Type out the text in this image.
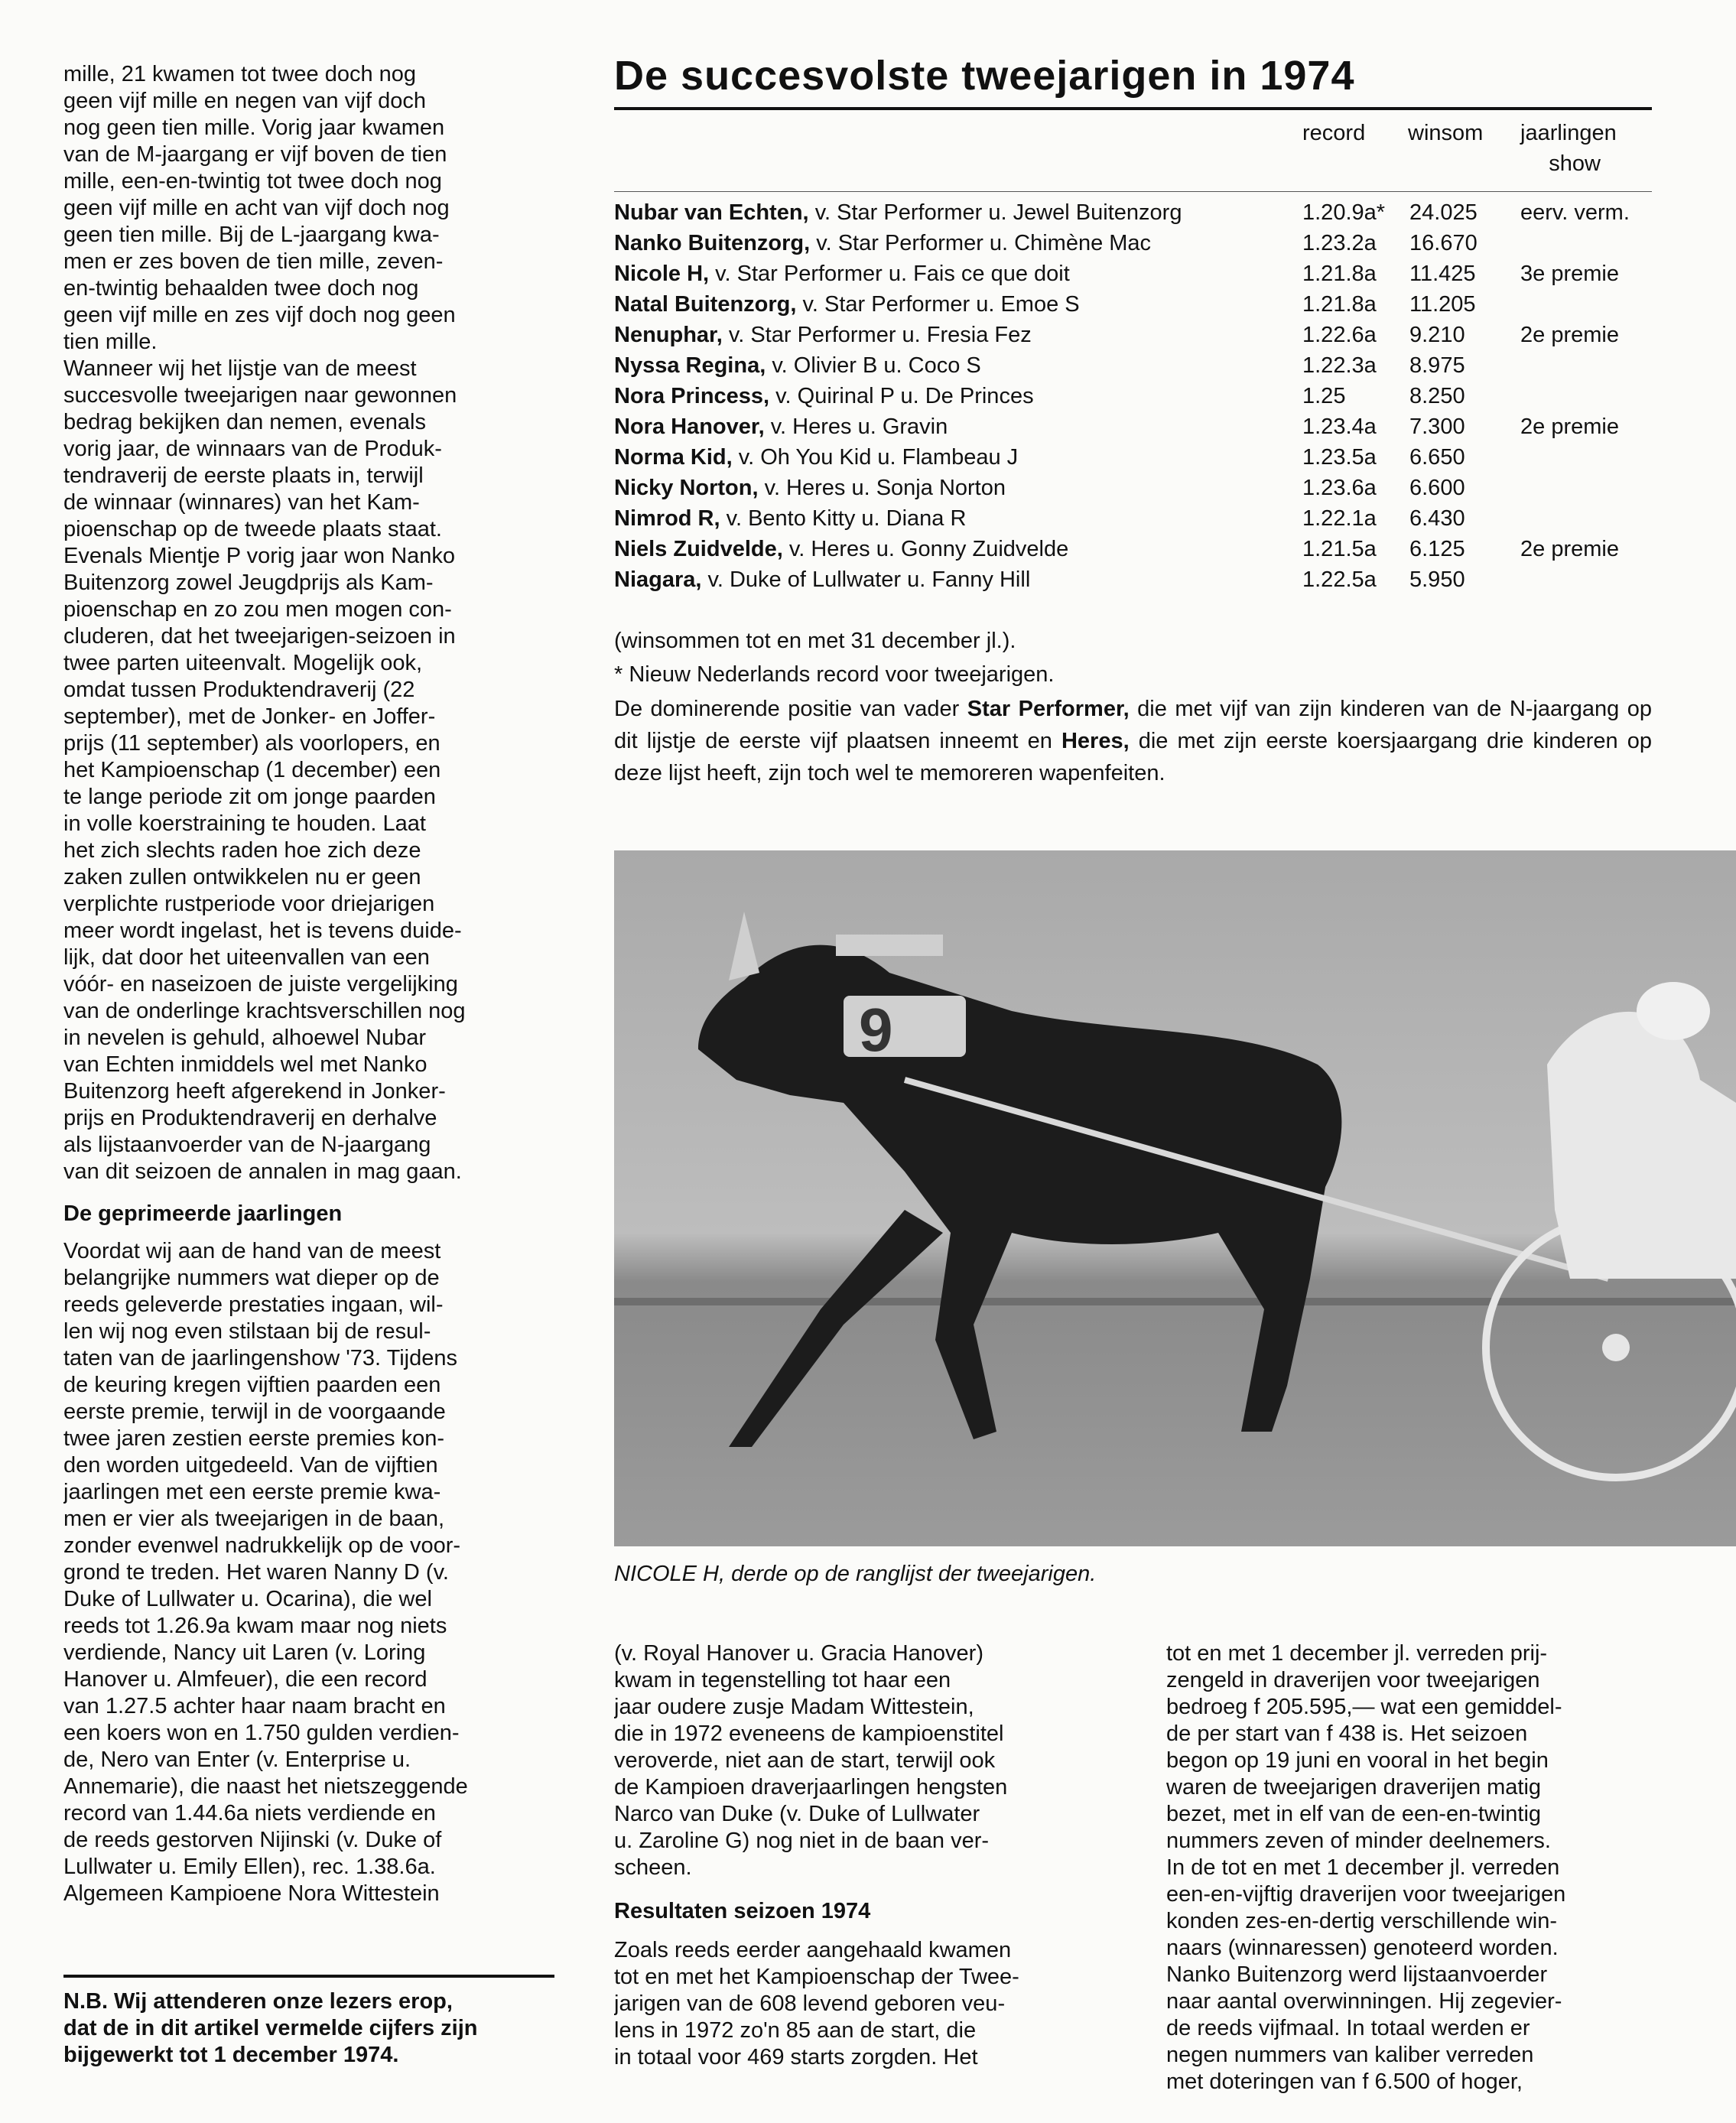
mille, 21 kwamen tot twee doch nog
geen vijf mille en negen van vijf doch
nog geen tien mille. Vorig jaar kwamen
van de M-jaargang er vijf boven de tien
mille, een-en-twintig tot twee doch nog
geen vijf mille en acht van vijf doch nog
geen tien mille. Bij de L-jaargang kwa-
men er zes boven de tien mille, zeven-
en-twintig behaalden twee doch nog
geen vijf mille en zes vijf doch nog geen
tien mille.

Wanneer wij het lijstje van de meest
succesvolle tweejarigen naar gewonnen
bedrag bekijken dan nemen, evenals
vorig jaar, de winnaars van de Produk-
tendraverij de eerste plaats in, terwijl
de winnaar (winnares) van het Kam-
pioenschap op de tweede plaats staat.
Evenals Mientje P vorig jaar won Nanko
Buitenzorg zowel Jeugdprijs als Kam-
pioenschap en zo zou men mogen con-
cluderen, dat het tweejarigen-seizoen in
twee parten uiteenvalt. Mogelijk ook,
omdat tussen Produktendraverij (22
september), met de Jonker- en Joffer-
prijs (11 september) als voorlopers, en
het Kampioenschap (1 december) een
te lange periode zit om jonge paarden
in volle koerstraining te houden. Laat
het zich slechts raden hoe zich deze
zaken zullen ontwikkelen nu er geen
verplichte rustperiode voor driejarigen
meer wordt ingelast, het is tevens duide-
lijk, dat door het uiteenvallen van een
vóór- en naseizoen de juiste vergelijking
van de onderlinge krachtsverschillen nog
in nevelen is gehuld, alhoewel Nubar
van Echten inmiddels wel met Nanko
Buitenzorg heeft afgerekend in Jonker-
prijs en Produktendraverij en derhalve
als lijstaanvoerder van de N-jaargang
van dit seizoen de annalen in mag gaan.

De geprimeerde jaarlingen

Voordat wij aan de hand van de meest
belangrijke nummers wat dieper op de
reeds geleverde prestaties ingaan, wil-
len wij nog even stilstaan bij de resul-
taten van de jaarlingenshow '73. Tijdens
de keuring kregen vijftien paarden een
eerste premie, terwijl in de voorgaande
twee jaren zestien eerste premies kon-
den worden uitgedeeld. Van de vijftien
jaarlingen met een eerste premie kwa-
men er vier als tweejarigen in de baan,
zonder evenwel nadrukkelijk op de voor-
grond te treden. Het waren Nanny D (v.
Duke of Lullwater u. Ocarina), die wel
reeds tot 1.26.9a kwam maar nog niets
verdiende, Nancy uit Laren (v. Loring
Hanover u. Almfeuer), die een record
van 1.27.5 achter haar naam bracht en
een koers won en 1.750 gulden verdien-
de, Nero van Enter (v. Enterprise u.
Annemarie), die naast het nietszeggende
record van 1.44.6a niets verdiende en
de reeds gestorven Nijinski (v. Duke of
Lullwater u. Emily Ellen), rec. 1.38.6a.
Algemeen Kampioene Nora Wittestein

N.B. Wij attenderen onze lezers erop,
dat de in dit artikel vermelde cijfers zijn
bijgewerkt tot 1 december 1974.
De succesvolste tweejarigen in 1974
record winsom jaarlingen
show
Nubar van Echten, v. Star Performer u. Jewel Buitenzorg	1.20.9a* 24.025 eerv. verm.
Nanko Buitenzorg, v. Star Performer u. Chimène Mac	1.23.2a 16.670
Nicole H, v. Star Performer u. Fais ce que doit	1.21.8a 11.425 3e premie
Natal Buitenzorg, v. Star Performer u. Emoe S	1.21.8a 11.205
Nenuphar, v. Star Performer u. Fresia Fez	1.22.6a 9.210 2e premie
Nyssa Regina, v. Olivier B u. Coco S	1.22.3a 8.975
Nora Princess, v. Quirinal P u. De Princes	1.25	8.250
Nora Hanover, v. Heres u. Gravin	1.23.4a 7.300 2e premie
Norma Kid, v. Oh You Kid u. Flambeau J	1.23.5a 6.650
Nicky Norton, v. Heres u. Sonja Norton	1.23.6a 6.600
Nimrod R, v. Bento Kitty u. Diana R	1.22.1a 6.430
Niels Zuidvelde, v. Heres u. Gonny Zuidvelde	1.21.5a 6.125 2e premie
Niagara, v. Duke of Lullwater u. Fanny Hill	1.22.5a 5.950

(winsommen tot en met 31 december jl.).

* Nieuw Nederlands record voor tweejarigen.

De dominerende positie van vader Star Performer, die met vijf van zijn kinderen van de N-jaargang op dit lijstje de eerste vijf plaatsen inneemt en Heres, die met zijn eerste koersjaargang drie kinderen op deze lijst heeft, zijn toch wel te memoreren wapenfeiten.

9
NICOLE H, derde op de ranglijst der tweejarigen.

(v. Royal Hanover u. Gracia Hanover)
kwam in tegenstelling tot haar een
jaar oudere zusje Madam Wittestein,
die in 1972 eveneens de kampioenstitel
veroverde, niet aan de start, terwijl ook
de Kampioen draverjaarlingen hengsten
Narco van Duke (v. Duke of Lullwater
u. Zaroline G) nog niet in de baan ver-
scheen.

Resultaten seizoen 1974

Zoals reeds eerder aangehaald kwamen
tot en met het Kampioenschap der Twee-
jarigen van de 608 levend geboren veu-
lens in 1972 zo'n 85 aan de start, die
in totaal voor 469 starts zorgden. Het

tot en met 1 december jl. verreden prij-
zengeld in draverijen voor tweejarigen
bedroeg f 205.595,— wat een gemiddel-
de per start van f 438 is. Het seizoen
begon op 19 juni en vooral in het begin
waren de tweejarigen draverijen matig
bezet, met in elf van de een-en-twintig
nummers zeven of minder deelnemers.
In de tot en met 1 december jl. verreden
een-en-vijftig draverijen voor tweejarigen
konden zes-en-dertig verschillende win-
naars (winnaressen) genoteerd worden.
Nanko Buitenzorg werd lijstaanvoerder
naar aantal overwinningen. Hij zegevier-
de reeds vijfmaal. In totaal werden er
negen nummers van kaliber verreden
met doteringen van f 6.500 of hoger,
